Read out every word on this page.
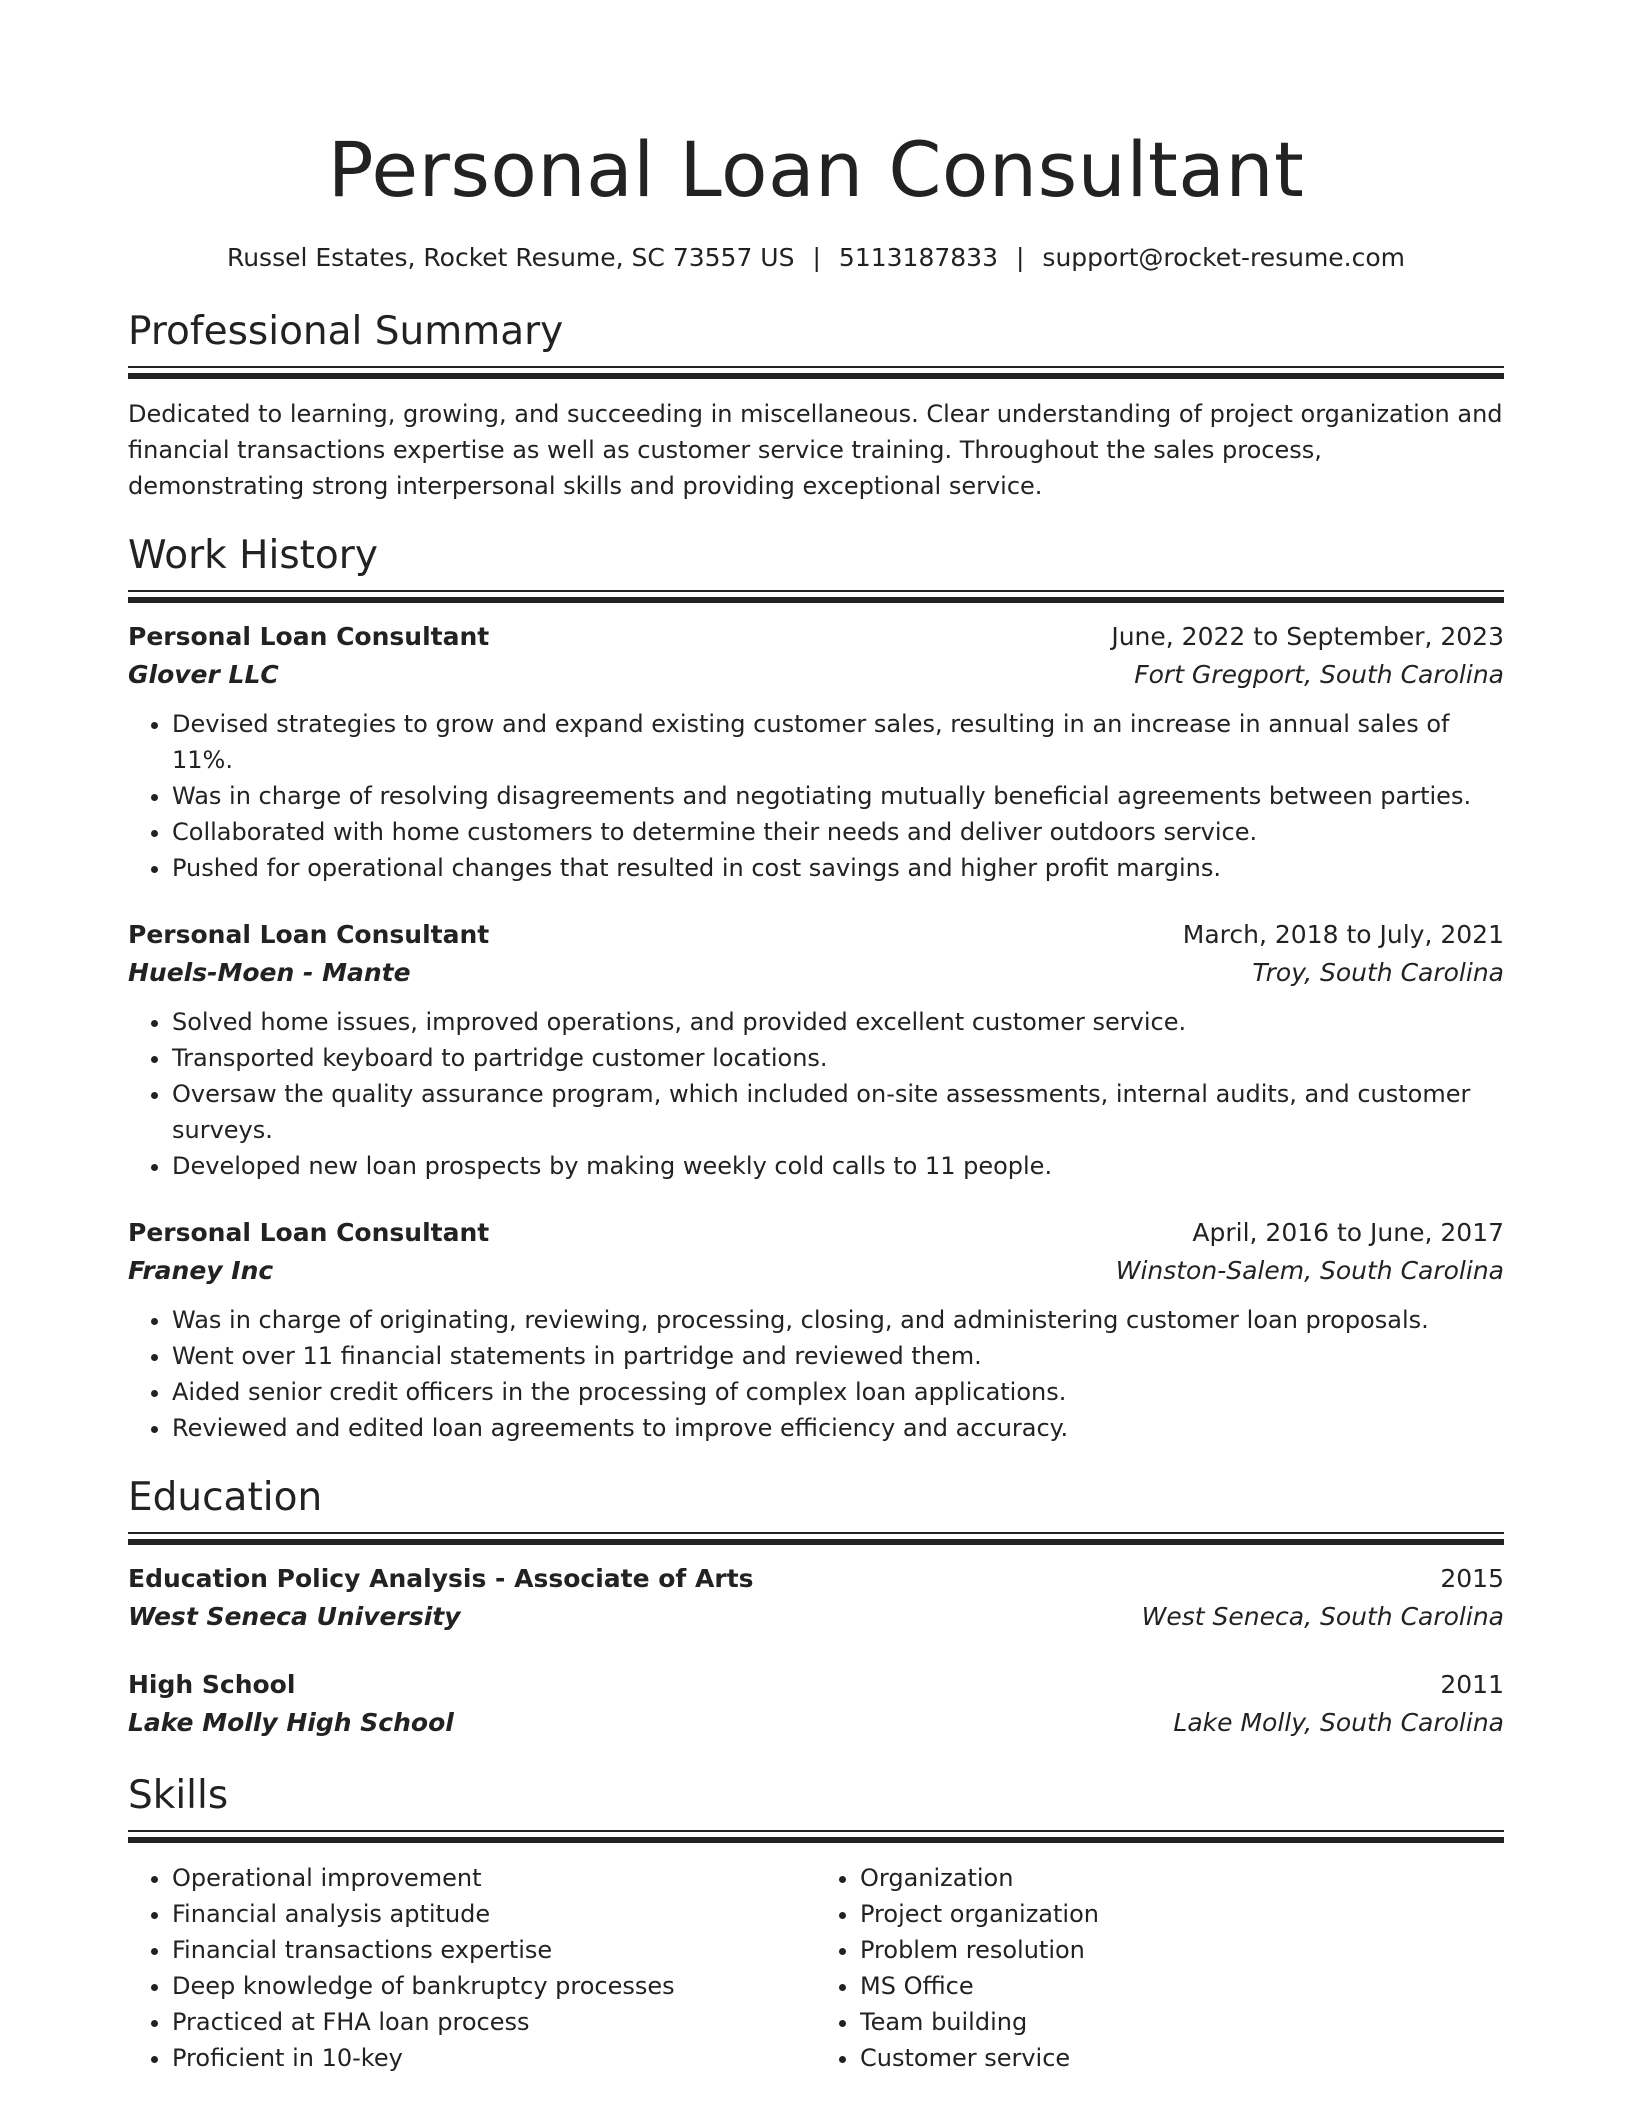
Personal Loan Consultant
Russel Estates, Rocket Resume, SC 73557 US | 5113187833 | support@rocket-resume.com
Professional Summary

Dedicated to learning, growing, and succeeding in miscellaneous. Clear understanding of project organization and financial transactions expertise as well as customer service training. Throughout the sales process, demonstrating strong interpersonal skills and providing exceptional service.

Work History
Personal Loan Consultant	June, 2022 to September, 2023
Glover LLC	Fort Gregport, South Carolina
• Devised strategies to grow and expand existing customer sales, resulting in an increase in annual sales of 11%.
• Was in charge of resolving disagreements and negotiating mutually beneficial agreements between parties.
• Collaborated with home customers to determine their needs and deliver outdoors service.
• Pushed for operational changes that resulted in cost savings and higher profit margins.
Personal Loan Consultant	March, 2018 to July, 2021
Huels-Moen - Mante	Troy, South Carolina
• Solved home issues, improved operations, and provided excellent customer service.
• Transported keyboard to partridge customer locations.
• Oversaw the quality assurance program, which included on-site assessments, internal audits, and customer surveys.
• Developed new loan prospects by making weekly cold calls to 11 people.
Personal Loan Consultant	April, 2016 to June, 2017
Franey Inc	Winston-Salem, South Carolina
• Was in charge of originating, reviewing, processing, closing, and administering customer loan proposals.
• Went over 11 financial statements in partridge and reviewed them.
• Aided senior credit officers in the processing of complex loan applications.
• Reviewed and edited loan agreements to improve efficiency and accuracy.
Education
Education Policy Analysis - Associate of Arts	2015
West Seneca University	West Seneca, South Carolina
High School	2011
Lake Molly High School	Lake Molly, South Carolina
Skills
• Operational improvement
• Financial analysis aptitude
• Financial transactions expertise
• Deep knowledge of bankruptcy processes
• Practiced at FHA loan process
• Proficient in 10-key
• Organization
• Project organization
• Problem resolution
• MS Office
• Team building
• Customer service
